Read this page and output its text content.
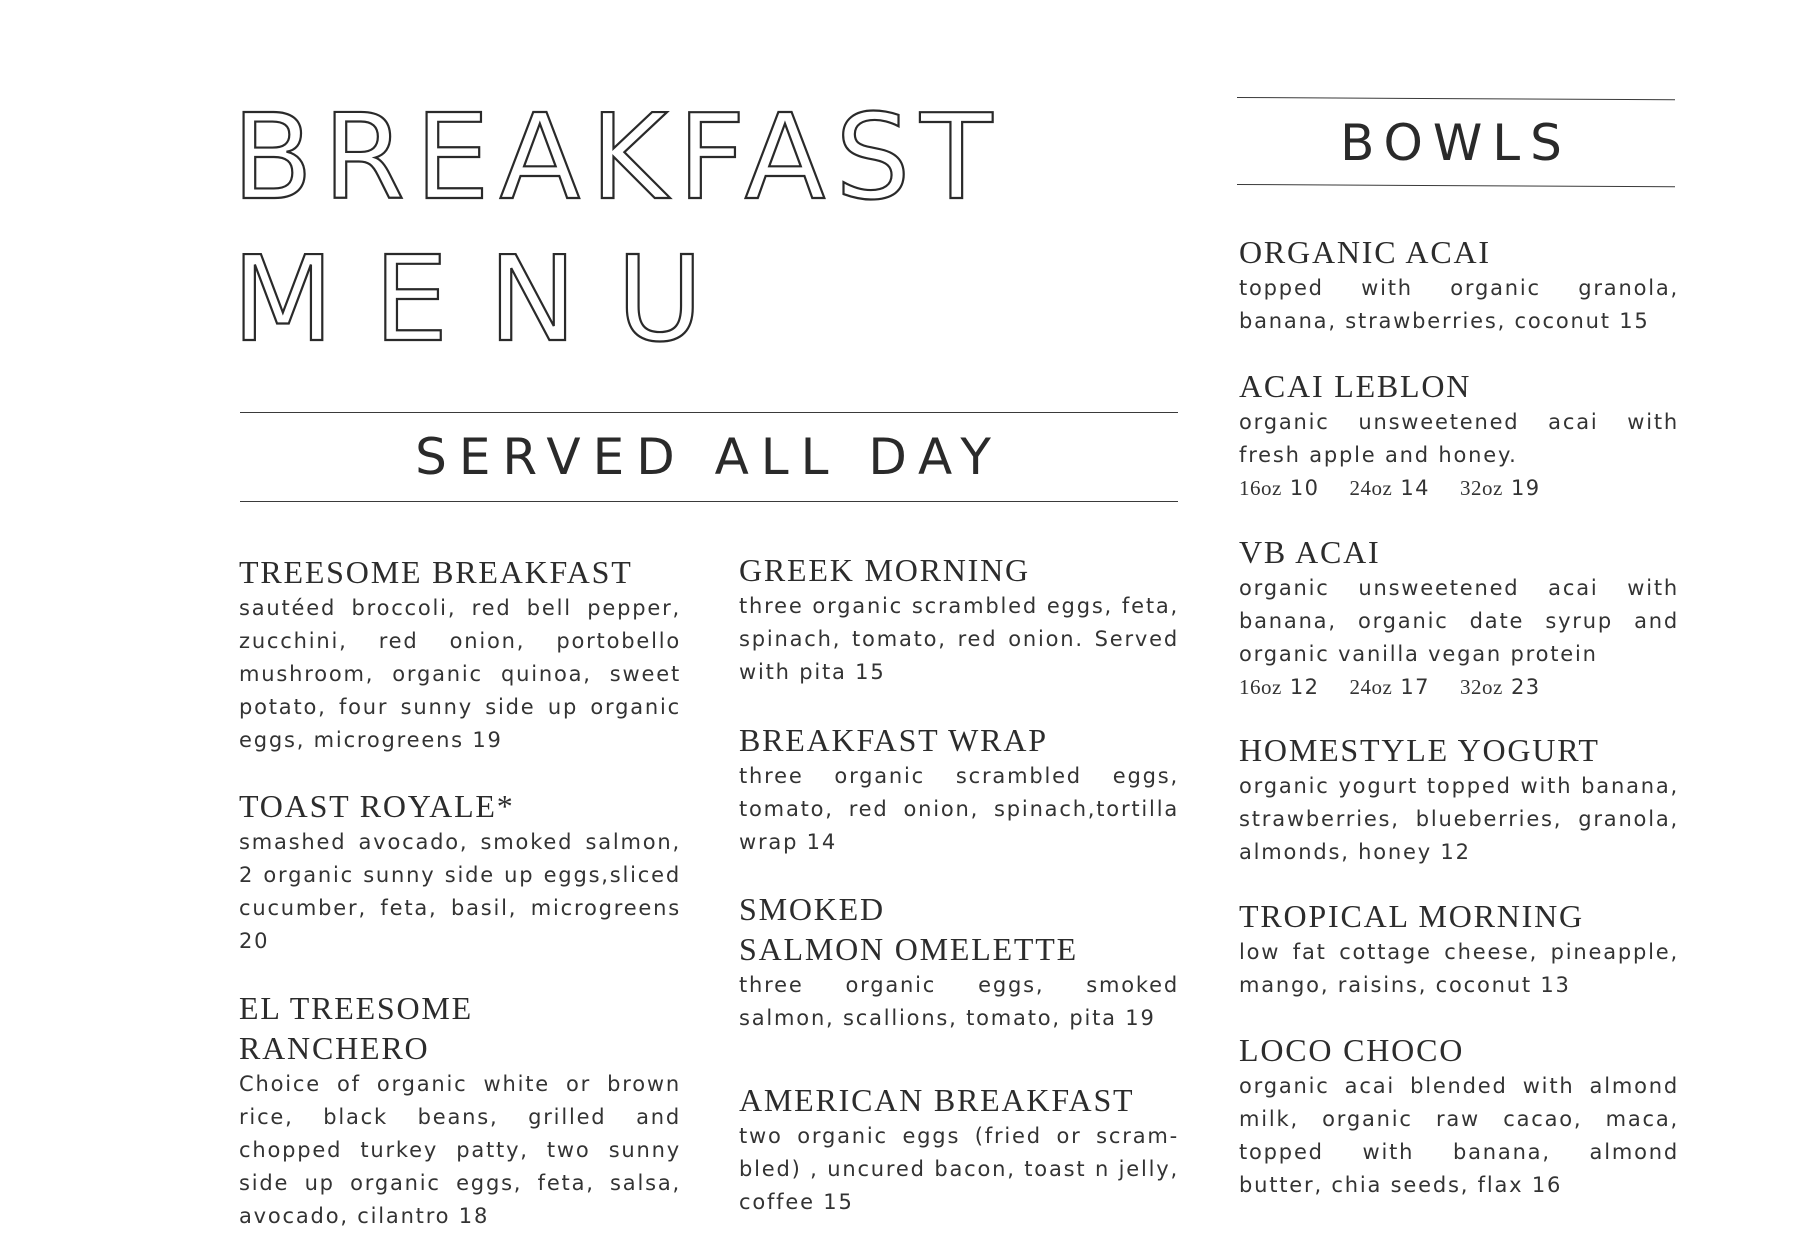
BREAKFAST
MENU
SERVED ALL DAY
BOWLS

TREESOME BREAKFAST

sautéed broccoli, red bell pepper, zucchini, red onion, portobello mushroom, organic quinoa, sweet potato, four sunny side up organic eggs, microgreens 19

TOAST ROYALE*

smashed avocado, smoked salmon, 2 organic sunny side up eggs,sliced cucumber, feta, basil, microgreens 20

EL TREESOME

RANCHERO

Choice of organic white or brown rice, black beans, grilled and chopped turkey patty, two sunny side up organic eggs, feta, salsa, avocado, cilantro 18

GREEK MORNING

three organic scrambled eggs, feta, spinach, tomato, red onion. Served with pita 15

BREAKFAST WRAP

three organic scrambled eggs, tomato, red onion, spinach,tortilla wrap 14

SMOKED

SALMON OMELETTE

three organic eggs, smoked salmon, scallions, tomato, pita 19

AMERICAN BREAKFAST

two organic eggs (fried or scram-bled) , uncured bacon, toast n jelly, coffee 15

ORGANIC ACAI

topped with organic granola, banana, strawberries, coconut 15

ACAI LEBLON

organic unsweetened acai with fresh apple and honey.

16oz 10 24oz 14 32oz 19

VB ACAI

organic unsweetened acai with banana, organic date syrup and organic vanilla vegan protein

16oz 12 24oz 17 32oz 23

HOMESTYLE YOGURT

organic yogurt topped with banana, strawberries, blueberries, granola, almonds, honey 12

TROPICAL MORNING

low fat cottage cheese, pineapple, mango, raisins, coconut 13

LOCO CHOCO

organic acai blended with almond milk, organic raw cacao, maca, topped with banana, almond butter, chia seeds, flax 16
